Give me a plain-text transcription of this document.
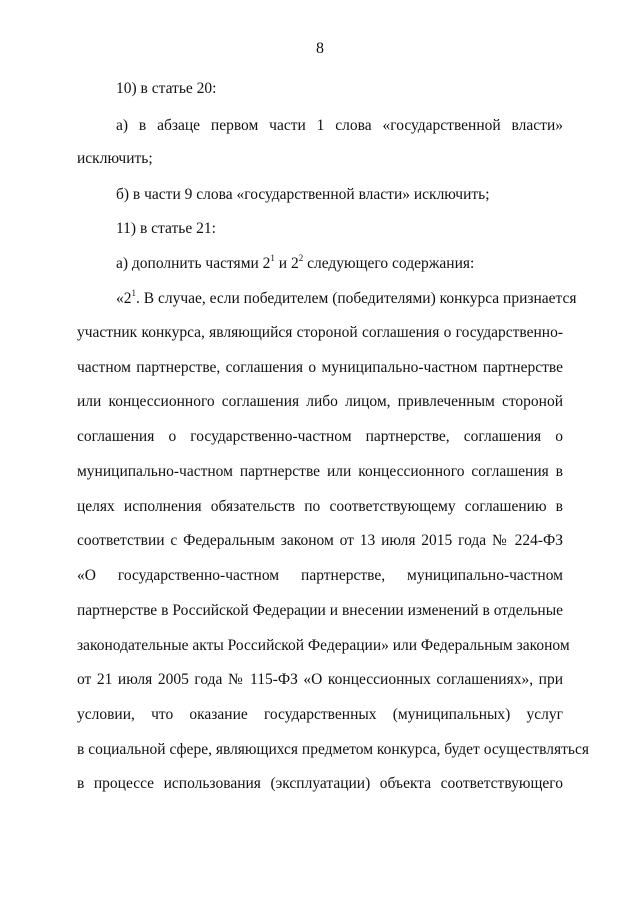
8
10) в статье 20:
а) в абзаце первом части 1 слова «государственной власти»
исключить;
б) в части 9 слова «государственной власти» исключить;
11) в статье 21:
а) дополнить частями $2^1$ и $2^2$ следующего содержания:
«$2^1$. В случае, если победителем (победителями) конкурса признается
участник конкурса, являющийся стороной соглашения о государственно-
частном партнерстве, соглашения о муниципально-частном партнерстве
или концессионного соглашения либо лицом, привлеченным стороной
соглашения о государственно-частном партнерстве, соглашения о
муниципально-частном партнерстве или концессионного соглашения в
целях исполнения обязательств по соответствующему соглашению в
соответствии с Федеральным законом от 13 июля 2015 года № 224-ФЗ
«О государственно-частном партнерстве, муниципально-частном
партнерстве в Российской Федерации и внесении изменений в отдельные
законодательные акты Российской Федерации» или Федеральным законом
от 21 июля 2005 года № 115-ФЗ «О концессионных соглашениях», при
условии, что оказание государственных (муниципальных) услуг
в социальной сфере, являющихся предметом конкурса, будет осуществляться
в процессе использования (эксплуатации) объекта соответствующего
